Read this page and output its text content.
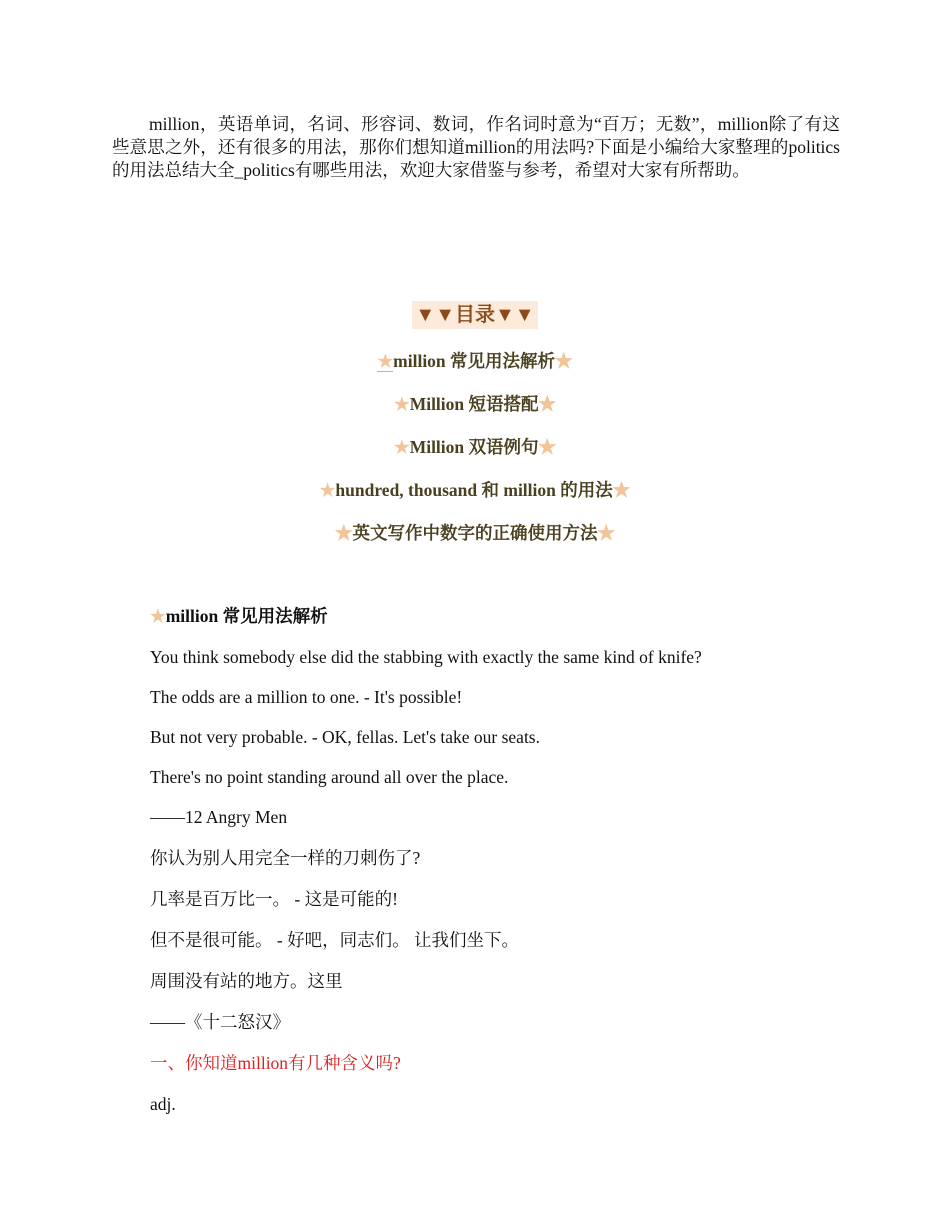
million，英语单词，名词、形容词、数词，作名词时意为“百万；无数”，million除了有这些意思之外，还有很多的用法，那你们想知道million的用法吗?下面是小编给大家整理的politics的用法总结大全_politics有哪些用法，欢迎大家借鉴与参考，希望对大家有所帮助。

▼▼目录▼▼
★million 常见用法解析★
★Million 短语搭配★
★Million 双语例句★
★hundred, thousand 和 million 的用法★
★英文写作中数字的正确使用方法★
★million 常见用法解析

You think somebody else did the stabbing with exactly the same kind of knife?

The odds are a million to one. - It's possible!

But not very probable. - OK, fellas. Let's take our seats.

There's no point standing around all over the place.

——12 Angry Men

你认为别人用完全一样的刀刺伤了?

几率是百万比一。 - 这是可能的!

但不是很可能。 - 好吧，同志们。 让我们坐下。

周围没有站的地方。这里

——《十二怒汉》

一、你知道million有几种含义吗?

adj.
